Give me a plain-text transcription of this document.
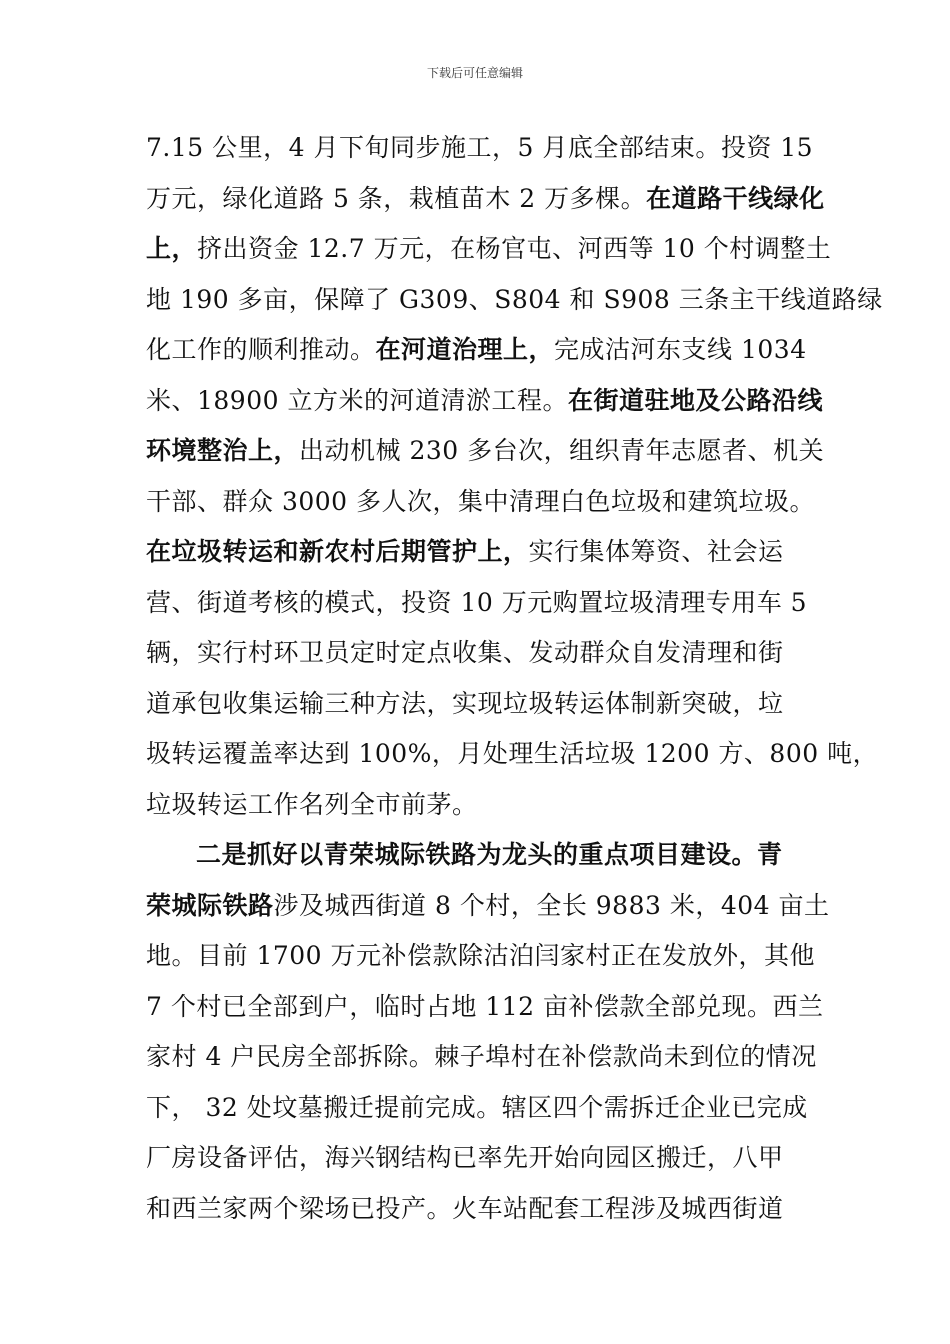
下载后可任意编辑
7.15 公里，4 月下旬同步施工，5 月底全部结束。投资 15
万元，绿化道路 5 条，栽植苗木 2 万多棵。在道路干线绿化
上，挤出资金 12.7 万元，在杨官屯、河西等 10 个村调整土
地 190 多亩，保障了 G309、S804 和 S908 三条主干线道路绿
化工作的顺利推动。在河道治理上，完成沽河东支线 1034
米、18900 立方米的河道清淤工程。在街道驻地及公路沿线
环境整治上，出动机械 230 多台次，组织青年志愿者、机关
干部、群众 3000 多人次，集中清理白色垃圾和建筑垃圾。
在垃圾转运和新农村后期管护上，实行集体筹资、社会运
营、街道考核的模式，投资 10 万元购置垃圾清理专用车 5
辆，实行村环卫员定时定点收集、发动群众自发清理和街
道承包收集运输三种方法，实现垃圾转运体制新突破，垃
圾转运覆盖率达到 100%，月处理生活垃圾 1200 方、800 吨，
垃圾转运工作名列全市前茅。
二是抓好以青荣城际铁路为龙头的重点项目建设。青
荣城际铁路涉及城西街道 8 个村，全长 9883 米，404 亩土
地。目前 1700 万元补偿款除沽泊闫家村正在发放外，其他
7 个村已全部到户，临时占地 112 亩补偿款全部兑现。西兰
家村 4 户民房全部拆除。棘子埠村在补偿款尚未到位的情况
下， 32 处坟墓搬迁提前完成。辖区四个需拆迁企业已完成
厂房设备评估，海兴钢结构已率先开始向园区搬迁，八甲
和西兰家两个梁场已投产。火车站配套工程涉及城西街道
